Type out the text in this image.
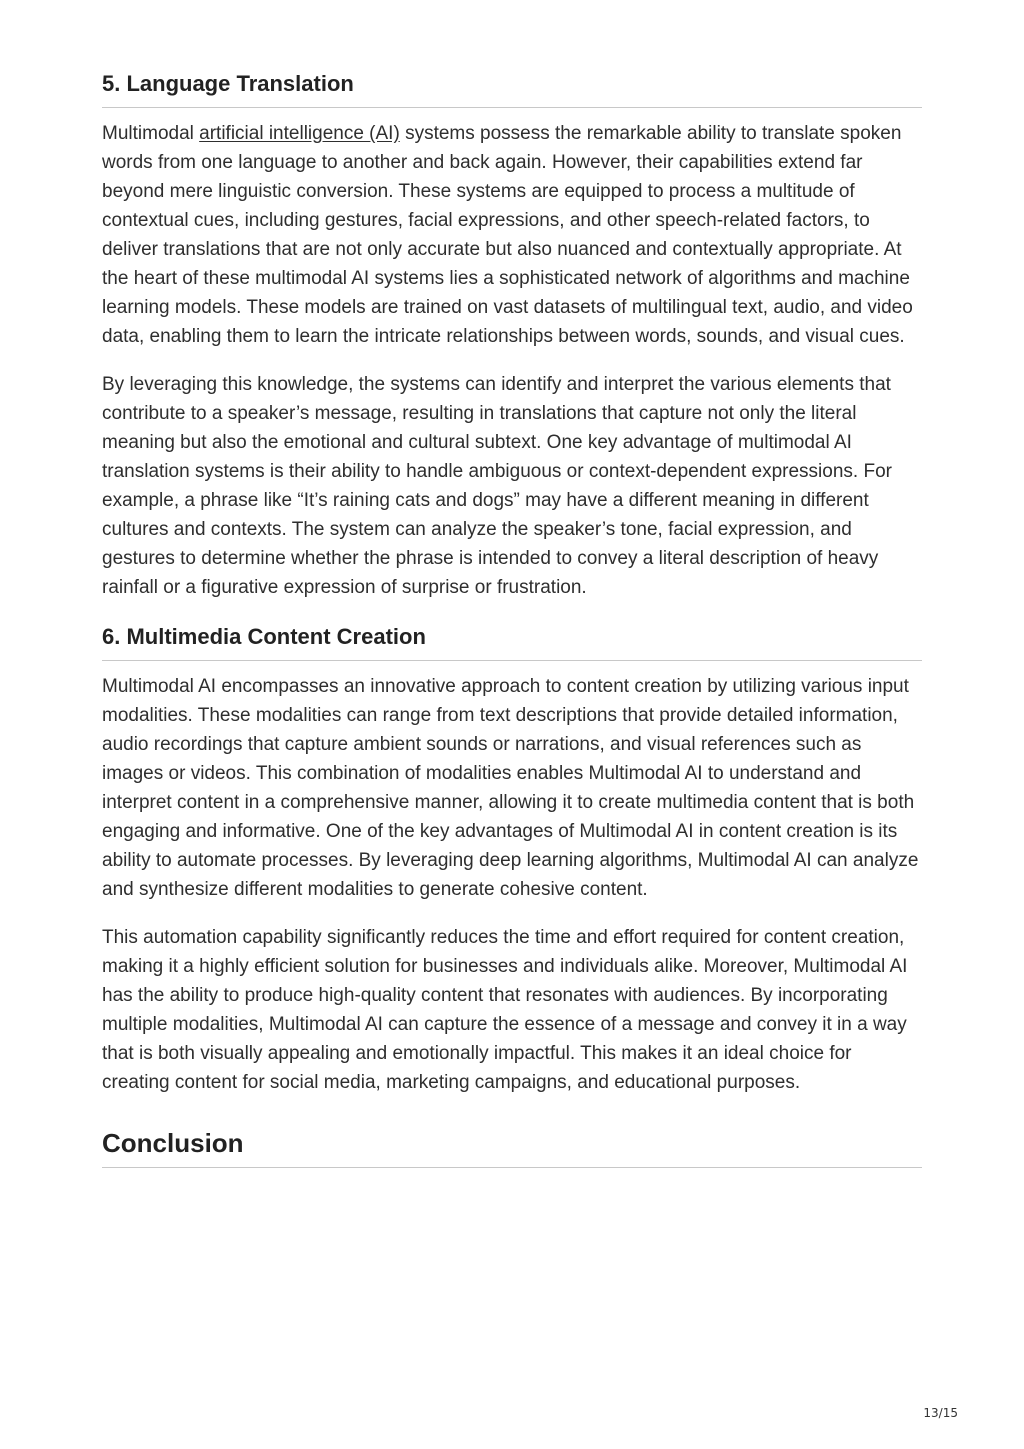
5. Language Translation

Multimodal artificial intelligence (AI) systems possess the remarkable ability to translate spoken words from one language to another and back again. However, their capabilities extend far beyond mere linguistic conversion. These systems are equipped to process a multitude of contextual cues, including gestures, facial expressions, and other speech-related factors, to deliver translations that are not only accurate but also nuanced and contextually appropriate. At the heart of these multimodal AI systems lies a sophisticated network of algorithms and machine learning models. These models are trained on vast datasets of multilingual text, audio, and video data, enabling them to learn the intricate relationships between words, sounds, and visual cues.

By leveraging this knowledge, the systems can identify and interpret the various elements that contribute to a speaker’s message, resulting in translations that capture not only the literal meaning but also the emotional and cultural subtext. One key advantage of multimodal AI translation systems is their ability to handle ambiguous or context-dependent expressions. For example, a phrase like “It’s raining cats and dogs” may have a different meaning in different cultures and contexts. The system can analyze the speaker’s tone, facial expression, and gestures to determine whether the phrase is intended to convey a literal description of heavy rainfall or a figurative expression of surprise or frustration.

6. Multimedia Content Creation

Multimodal AI encompasses an innovative approach to content creation by utilizing various input modalities. These modalities can range from text descriptions that provide detailed information, audio recordings that capture ambient sounds or narrations, and visual references such as images or videos. This combination of modalities enables Multimodal AI to understand and interpret content in a comprehensive manner, allowing it to create multimedia content that is both engaging and informative. One of the key advantages of Multimodal AI in content creation is its ability to automate processes. By leveraging deep learning algorithms, Multimodal AI can analyze and synthesize different modalities to generate cohesive content.

This automation capability significantly reduces the time and effort required for content creation, making it a highly efficient solution for businesses and individuals alike. Moreover, Multimodal AI has the ability to produce high-quality content that resonates with audiences. By incorporating multiple modalities, Multimodal AI can capture the essence of a message and convey it in a way that is both visually appealing and emotionally impactful. This makes it an ideal choice for creating content for social media, marketing campaigns, and educational purposes.

Conclusion
13/15
